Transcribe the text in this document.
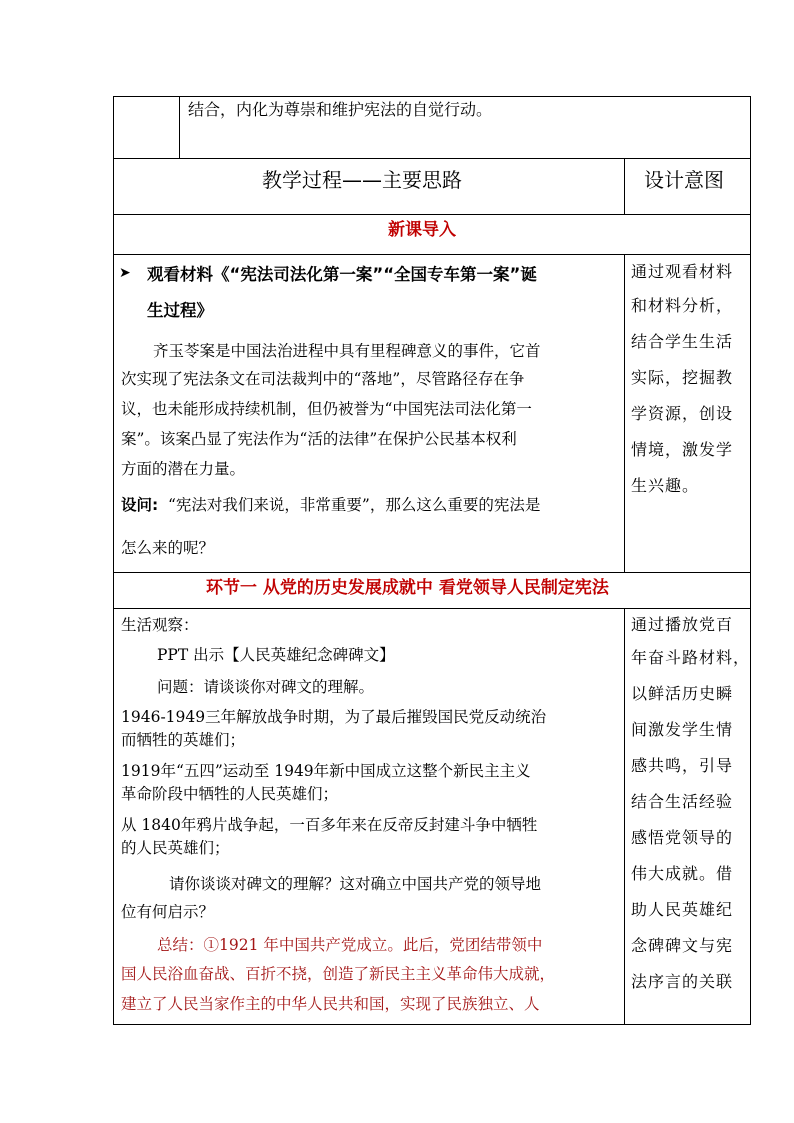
结合，内化为尊崇和维护宪法的自觉行动。
教学过程——主要思路	设计意图
新课导入
➤ 观看材料《“宪法司法化第一案”“全国专车第一案”诞
生过程》
齐玉苓案是中国法治进程中具有里程碑意义的事件，它首
次实现了宪法条文在司法裁判中的“落地”，尽管路径存在争
议，也未能形成持续机制，但仍被誉为“中国宪法司法化第一
案”。该案凸显了宪法作为“活的法律”在保护公民基本权利
方面的潜在力量。
设问: “宪法对我们来说，非常重要”，那么这么重要的宪法是
怎么来的呢？
通过观看材料
和材料分析，
结合学生生活
实际，挖掘教
学资源，创设
情境，激发学
生兴趣。
环节一 从党的历史发展成就中 看党领导人民制定宪法
生活观察：
PPT 出示【人民英雄纪念碑碑文】
问题：请谈谈你对碑文的理解。
1946-1949三年解放战争时期，为了最后摧毁国民党反动统治
而牺牲的英雄们；
1919年“五四”运动至 1949年新中国成立这整个新民主主义
革命阶段中牺牲的人民英雄们；
从 1840年鸦片战争起，一百多年来在反帝反封建斗争中牺牲
的人民英雄们；
请你谈谈对碑文的理解？这对确立中国共产党的领导地
位有何启示？
总结：①1921 年中国共产党成立。此后，党团结带领中
国人民浴血奋战、百折不挠，创造了新民主主义革命伟大成就，
建立了人民当家作主的中华人民共和国，实现了民族独立、人
通过播放党百
年奋斗路材料，
以鲜活历史瞬
间激发学生情
感共鸣，引导
结合生活经验
感悟党领导的
伟大成就。借
助人民英雄纪
念碑碑文与宪
法序言的关联
